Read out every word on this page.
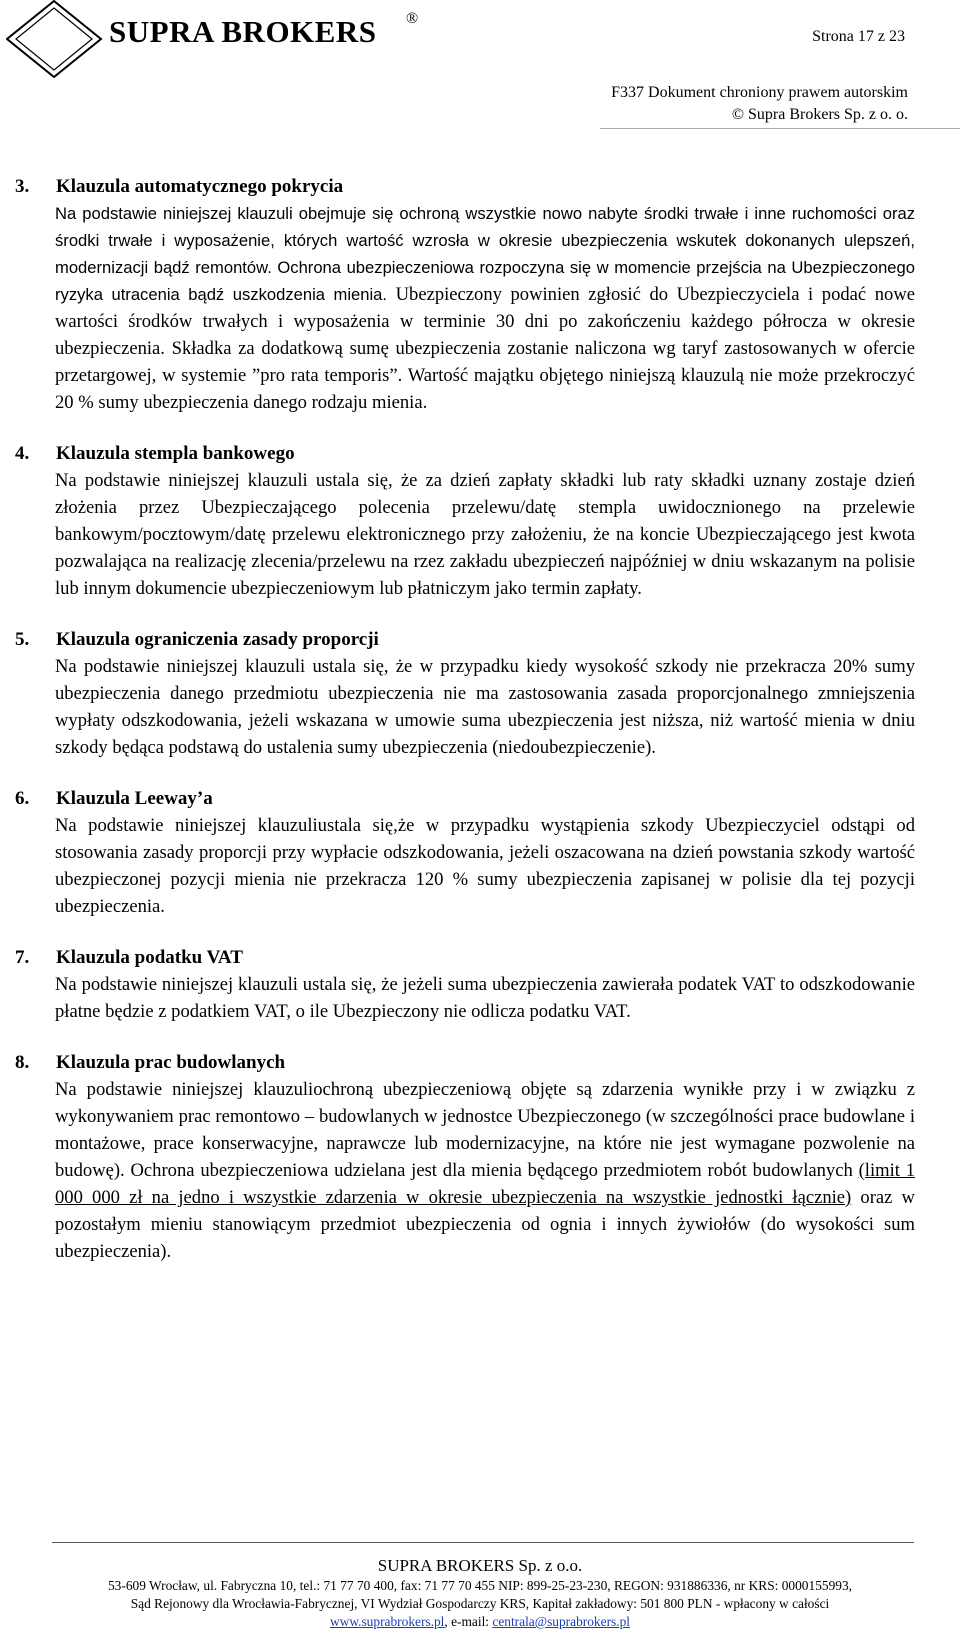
SUPRA BROKERS ®
Strona 17 z 23
F337 Dokument chroniony prawem autorskim
© Supra Brokers Sp. z o. o.
3. Klauzula automatycznego pokrycia
Na podstawie niniejszej klauzuli obejmuje się ochroną wszystkie nowo nabyte środki trwałe i inne ruchomości oraz środki trwałe i wyposażenie, których wartość wzrosła w okresie ubezpieczenia wskutek dokonanych ulepszeń, modernizacji bądź remontów. Ochrona ubezpieczeniowa rozpoczyna się w momencie przejścia na Ubezpieczonego ryzyka utracenia bądź uszkodzenia mienia. Ubezpieczony powinien zgłosić do Ubezpieczyciela i podać nowe wartości środków trwałych i wyposażenia w terminie 30 dni po zakończeniu każdego półrocza w okresie ubezpieczenia. Składka za dodatkową sumę ubezpieczenia zostanie naliczona wg taryf zastosowanych w ofercie przetargowej, w systemie ”pro rata temporis”. Wartość majątku objętego niniejszą klauzulą nie może przekroczyć 20 % sumy ubezpieczenia danego rodzaju mienia.
4. Klauzula stempla bankowego
Na podstawie niniejszej klauzuli ustala się, że za dzień zapłaty składki lub raty składki uznany zostaje dzień złożenia przez Ubezpieczającego polecenia przelewu/datę stempla uwidocznionego na przelewie bankowym/pocztowym/datę przelewu elektronicznego przy założeniu, że na koncie Ubezpieczającego jest kwota pozwalająca na realizację zlecenia/przelewu na rzez zakładu ubezpieczeń najpóźniej w dniu wskazanym na polisie lub innym dokumencie ubezpieczeniowym lub płatniczym jako termin zapłaty.
5. Klauzula ograniczenia zasady proporcji
Na podstawie niniejszej klauzuli ustala się, że w przypadku kiedy wysokość szkody nie przekracza 20% sumy ubezpieczenia danego przedmiotu ubezpieczenia nie ma zastosowania zasada proporcjonalnego zmniejszenia wypłaty odszkodowania, jeżeli wskazana w umowie suma ubezpieczenia jest niższa, niż wartość mienia w dniu szkody będąca podstawą do ustalenia sumy ubezpieczenia (niedoubezpieczenie).
6. Klauzula Leeway’a
Na podstawie niniejszej klauzuliustala się,że w przypadku wystąpienia szkody Ubezpieczyciel odstąpi od stosowania zasady proporcji przy wypłacie odszkodowania, jeżeli oszacowana na dzień powstania szkody wartość ubezpieczonej pozycji mienia nie przekracza 120 % sumy ubezpieczenia zapisanej w polisie dla tej pozycji ubezpieczenia.
7. Klauzula podatku VAT
Na podstawie niniejszej klauzuli ustala się, że jeżeli suma ubezpieczenia zawierała podatek VAT to odszkodowanie płatne będzie z podatkiem VAT, o ile Ubezpieczony nie odlicza podatku VAT.
8. Klauzula prac budowlanych
Na podstawie niniejszej klauzuliochroną ubezpieczeniową objęte są zdarzenia wynikłe przy i w związku z wykonywaniem prac remontowo – budowlanych w jednostce Ubezpieczonego (w szczególności prace budowlane i montażowe, prace konserwacyjne, naprawcze lub modernizacyjne, na które nie jest wymagane pozwolenie na budowę). Ochrona ubezpieczeniowa udzielana jest dla mienia będącego przedmiotem robót budowlanych (limit 1 000 000 zł na jedno i wszystkie zdarzenia w okresie ubezpieczenia na wszystkie jednostki łącznie) oraz w pozostałym mieniu stanowiącym przedmiot ubezpieczenia od ognia i innych żywiołów (do wysokości sum ubezpieczenia).
SUPRA BROKERS Sp. z o.o.
53-609 Wrocław, ul. Fabryczna 10, tel.: 71 77 70 400, fax: 71 77 70 455 NIP: 899-25-23-230, REGON: 931886336, nr KRS: 0000155993,
Sąd Rejonowy dla Wrocławia-Fabrycznej, VI Wydział Gospodarczy KRS, Kapitał zakładowy: 501 800 PLN - wpłacony w całości
www.suprabrokers.pl, e-mail: centrala@suprabrokers.pl
